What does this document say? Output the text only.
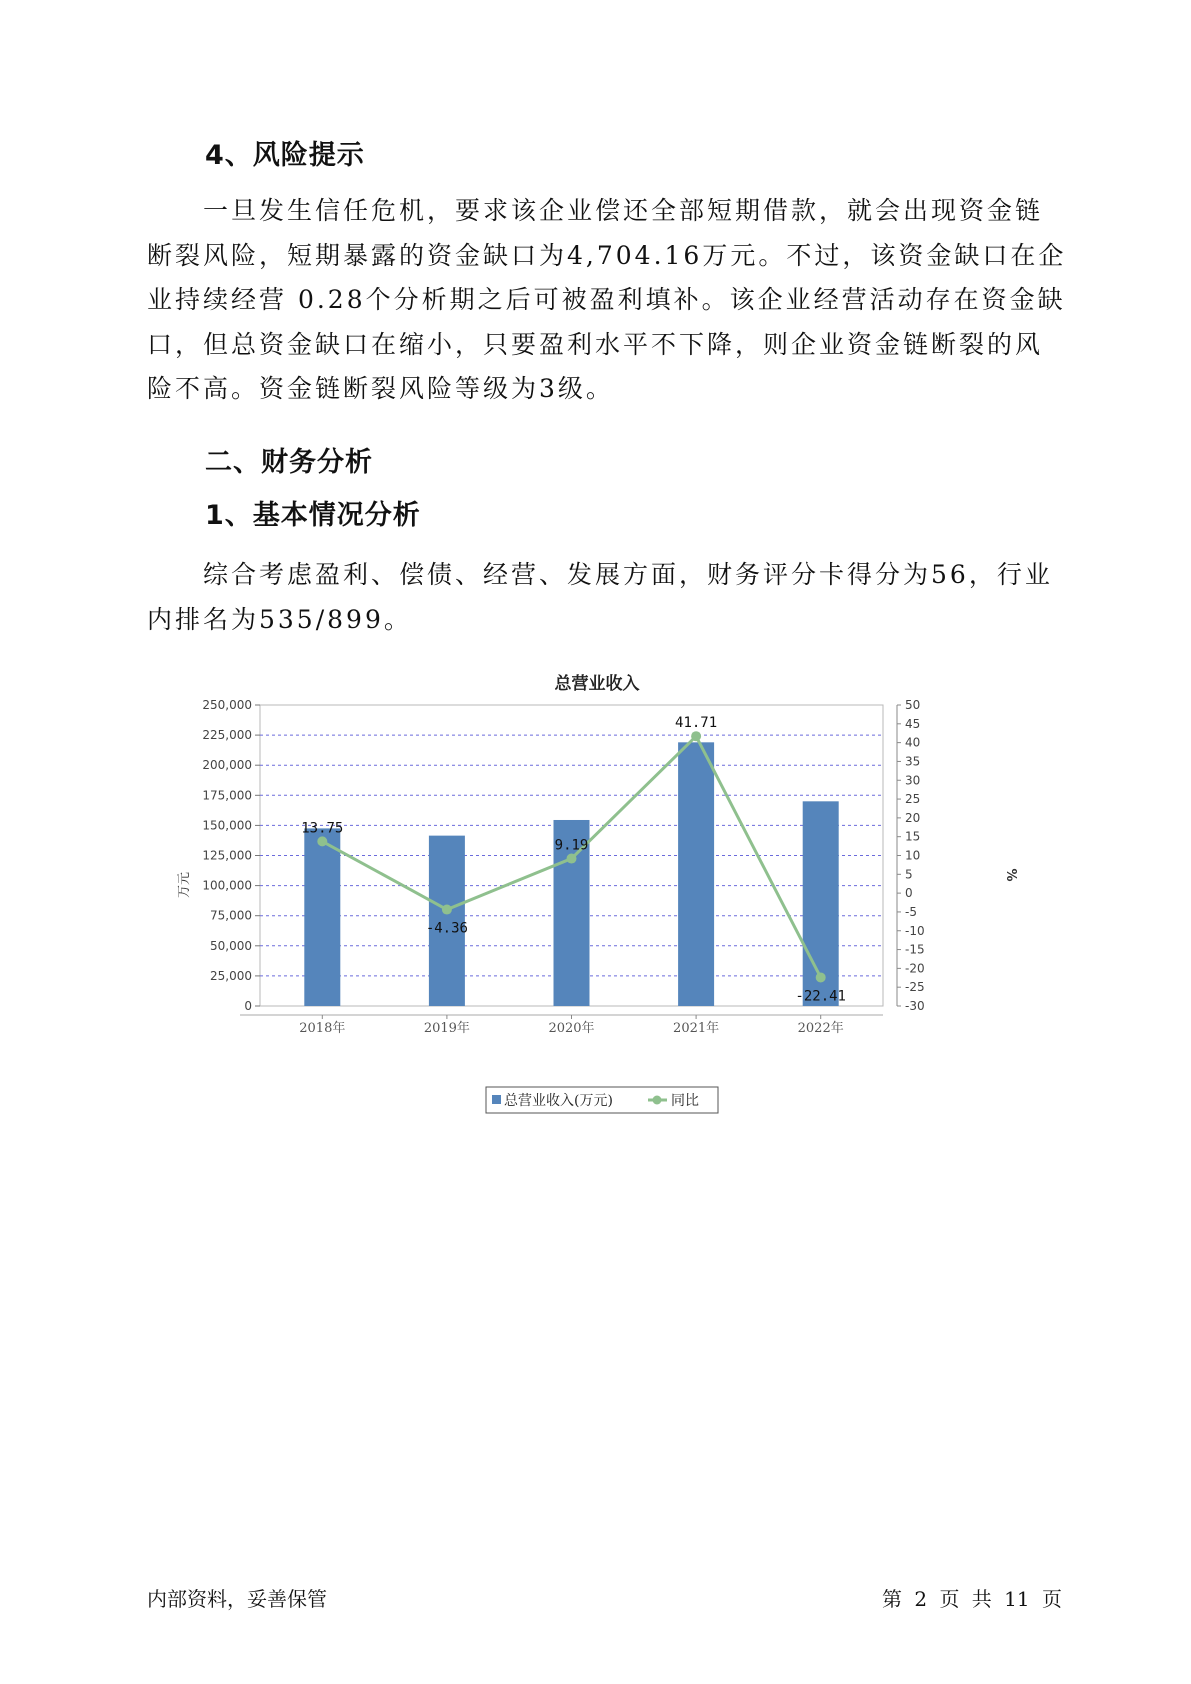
4、风险提示
一旦发生信任危机，要求该企业偿还全部短期借款，就会出现资金链
断裂风险，短期暴露的资金缺口为4,704.16万元。不过，该资金缺口在企
业持续经营 0.28个分析期之后可被盈利填补。该企业经营活动存在资金缺
口，但总资金缺口在缩小，只要盈利水平不下降，则企业资金链断裂的风
险不高。资金链断裂风险等级为3级。
二、财务分析
1、基本情况分析
综合考虑盈利、偿债、经营、发展方面，财务评分卡得分为56，行业
内排名为535/899。
总营业收入
250,000
225,000
200,000
175,000
150,000
125,000
100,000
75,000
50,000
25,000
0
50
45
40
35
30
25
20
15
10
5
0
-5
-10
-15
-20
-25
-30
2018年	2019年	2020年	2021年	2022年
13.75
-4.36
9.19
41.71
-22.41
万元	%
总营业收入(万元)	同比
内部资料，妥善保管	第 2 页 共 11 页
